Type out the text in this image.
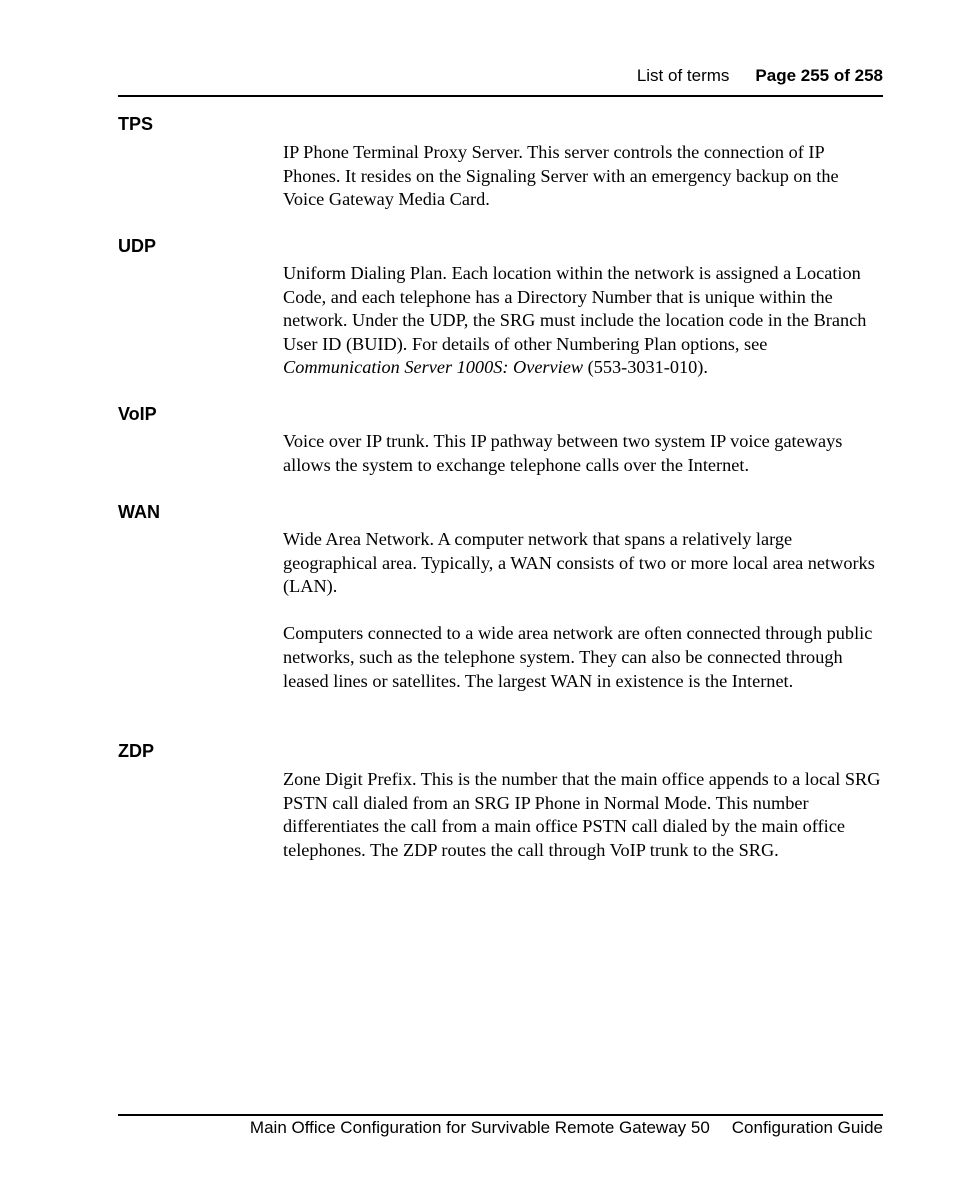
List of terms Page 255 of 258
TPS

IP Phone Terminal Proxy Server. This server controls the connection of IP Phones. It resides on the Signaling Server with an emergency backup on the Voice Gateway Media Card.

UDP

Uniform Dialing Plan. Each location within the network is assigned a Location Code, and each telephone has a Directory Number that is unique within the network. Under the UDP, the SRG must include the location code in the Branch User ID (BUID). For details of other Numbering Plan options, see Communication Server 1000S: Overview (553-3031-010).

VoIP

Voice over IP trunk. This IP pathway between two system IP voice gateways allows the system to exchange telephone calls over the Internet.

WAN

Wide Area Network. A computer network that spans a relatively large geographical area. Typically, a WAN consists of two or more local area networks (LAN).

Computers connected to a wide area network are often connected through public networks, such as the telephone system. They can also be connected through leased lines or satellites. The largest WAN in existence is the Internet.

ZDP

Zone Digit Prefix. This is the number that the main office appends to a local SRG PSTN call dialed from an SRG IP Phone in Normal Mode. This number differentiates the call from a main office PSTN call dialed by the main office telephones. The ZDP routes the call through VoIP trunk to the SRG.

Main Office Configuration for Survivable Remote Gateway 50 Configuration Guide
